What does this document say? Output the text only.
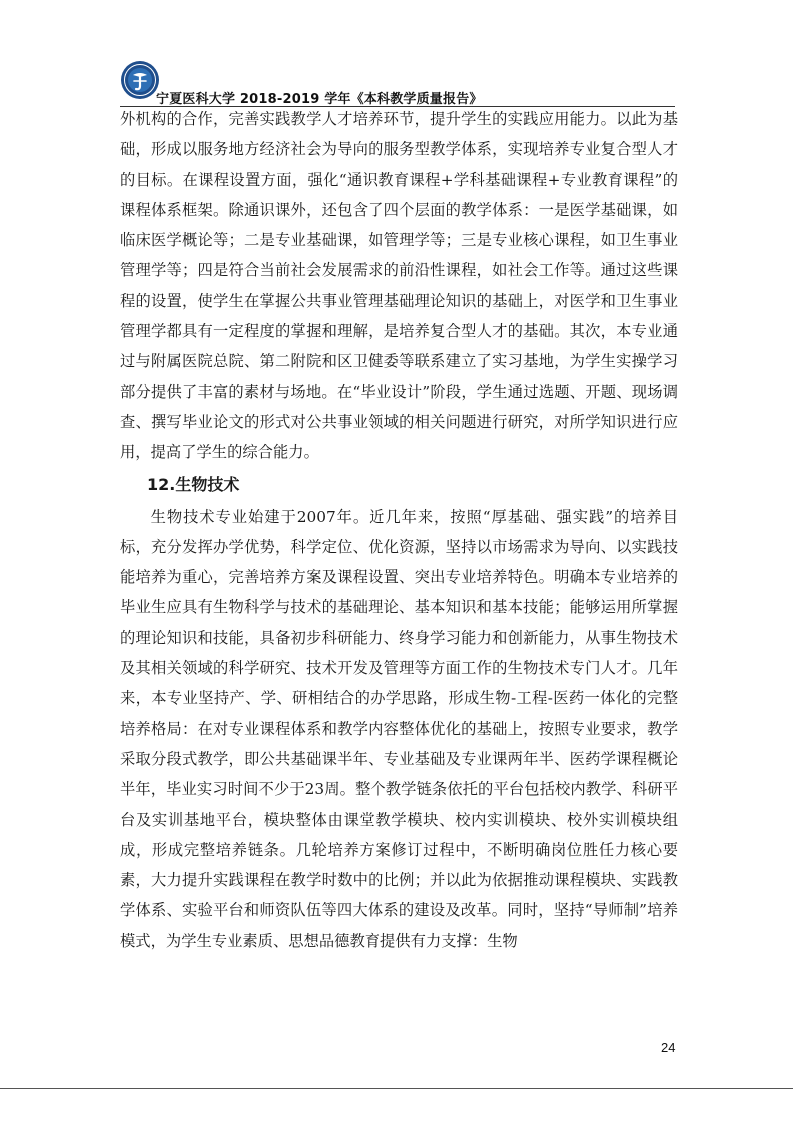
宁夏医科大学 2018-2019 学年《本科教学质量报告》

外机构的合作，完善实践教学人才培养环节，提升学生的实践应用能力。以此为基础，形成以服务地方经济社会为导向的服务型教学体系，实现培养专业复合型人才的目标。在课程设置方面，强化“通识教育课程+学科基础课程+专业教育课程”的课程体系框架。除通识课外，还包含了四个层面的教学体系：一是医学基础课，如临床医学概论等；二是专业基础课，如管理学等；三是专业核心课程，如卫生事业管理学等；四是符合当前社会发展需求的前沿性课程，如社会工作等。通过这些课程的设置，使学生在掌握公共事业管理基础理论知识的基础上，对医学和卫生事业管理学都具有一定程度的掌握和理解，是培养复合型人才的基础。其次，本专业通过与附属医院总院、第二附院和区卫健委等联系建立了实习基地，为学生实操学习部分提供了丰富的素材与场地。在“毕业设计”阶段，学生通过选题、开题、现场调查、撰写毕业论文的形式对公共事业领域的相关问题进行研究，对所学知识进行应用，提高了学生的综合能力。

12.生物技术

生物技术专业始建于2007年。近几年来，按照“厚基础、强实践”的培养目标，充分发挥办学优势，科学定位、优化资源，坚持以市场需求为导向、以实践技能培养为重心，完善培养方案及课程设置、突出专业培养特色。明确本专业培养的毕业生应具有生物科学与技术的基础理论、基本知识和基本技能；能够运用所掌握的理论知识和技能，具备初步科研能力、终身学习能力和创新能力，从事生物技术及其相关领域的科学研究、技术开发及管理等方面工作的生物技术专门人才。几年来，本专业坚持产、学、研相结合的办学思路，形成生物-工程-医药一体化的完整培养格局：在对专业课程体系和教学内容整体优化的基础上，按照专业要求，教学采取分段式教学，即公共基础课半年、专业基础及专业课两年半、医药学课程概论半年，毕业实习时间不少于23周。整个教学链条依托的平台包括校内教学、科研平台及实训基地平台，模块整体由课堂教学模块、校内实训模块、校外实训模块组成，形成完整培养链条。几轮培养方案修订过程中，不断明确岗位胜任力核心要素，大力提升实践课程在教学时数中的比例；并以此为依据推动课程模块、实践教学体系、实验平台和师资队伍等四大体系的建设及改革。同时，坚持“导师制”培养模式，为学生专业素质、思想品德教育提供有力支撑：生物

24
